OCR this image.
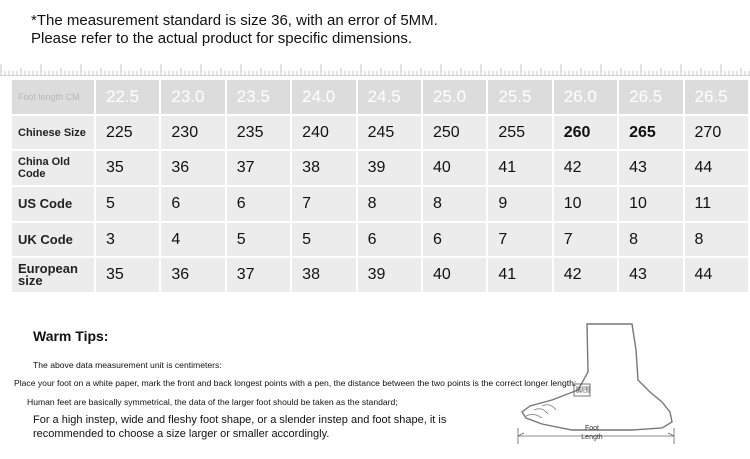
*The measurement standard is size 36, with an error of 5MM.
Please refer to the actual product for specific dimensions.
Foot length CM	22.5	23.0	23.5	24.0	24.5	25.0	25.5	26.0	26.5	26.5
Chinese Size	225	230	235	240	245	250	255	260	265	270
China Old Code	35	36	37	38	39	40	41	42	43	44
US Code	5	6	6	7	8	8	9	10	10	11
UK Code	3	4	5	5	6	6	7	7	8	8
European size	35	36	37	38	39	40	41	42	43	44
Warm Tips:
The above data measurement unit is centimeters:
Place your foot on a white paper, mark the front and back longest points with a pen, the distance between the two points is the correct longer length:
Human feet are basically symmetrical, the data of the larger foot should be taken as the standard;
For a high instep, wide and fleshy foot shape, or a slender instep and foot shape, it is recommended to choose a size larger or smaller accordingly.
脚围
Foot
Length
